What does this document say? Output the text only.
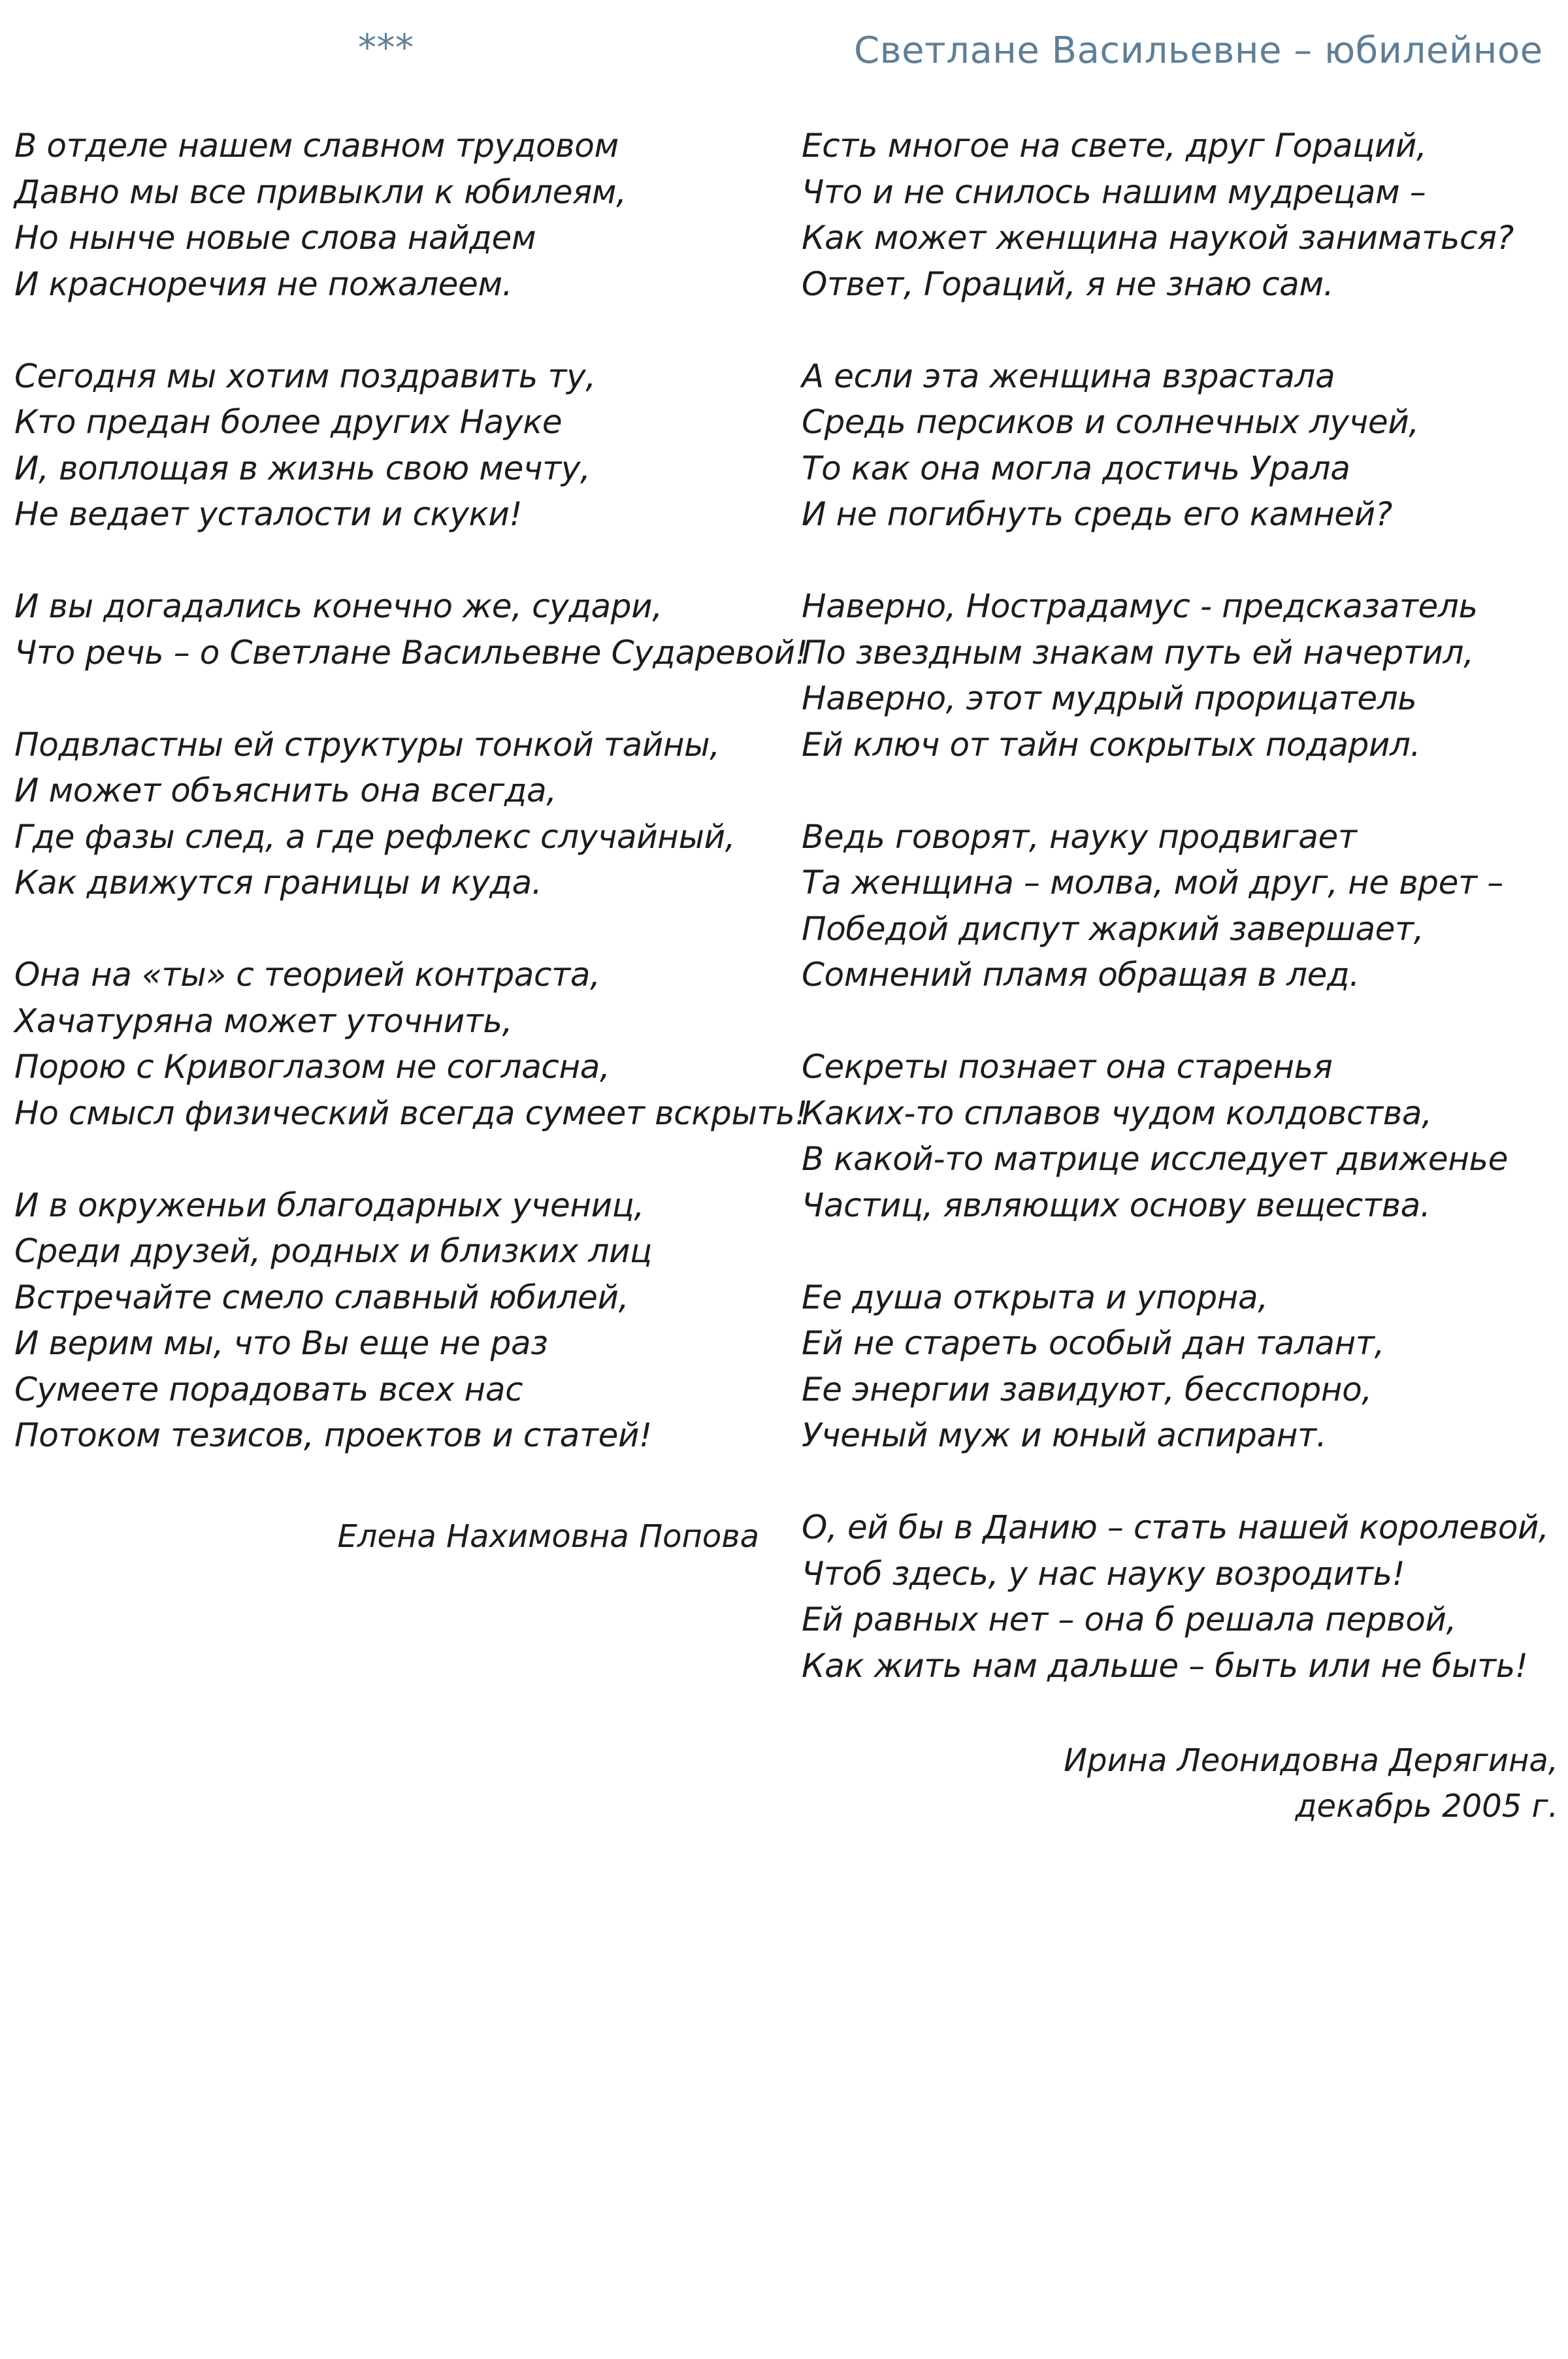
***
В отделе нашем славном трудовом
Давно мы все привыкли к юбилеям,
Но нынче новые слова найдем
И красноречия не пожалеем.
Сегодня мы хотим поздравить ту,
Кто предан более других Науке
И, воплощая в жизнь свою мечту,
Не ведает усталости и скуки!
И вы догадались конечно же, судари,
Что речь – о Светлане Васильевне Сударевой!
Подвластны ей структуры тонкой тайны,
И может объяснить она всегда,
Где фазы след, а где рефлекс случайный,
Как движутся границы и куда.
Она на «ты» с теорией контраста,
Хачатуряна может уточнить,
Порою с Кривоглазом не согласна,
Но смысл физический всегда сумеет вскрыть!
И в окруженьи благодарных учениц,
Среди друзей, родных и близких лиц
Встречайте смело славный юбилей,
И верим мы, что Вы еще не раз
Сумеете порадовать всех нас
Потоком тезисов, проектов и статей!
Елена Нахимовна Попова
Светлане Васильевне – юбилейное
Есть многое на свете, друг Гораций,
Что и не снилось нашим мудрецам –
Как может женщина наукой заниматься?
Ответ, Гораций, я не знаю сам.
А если эта женщина взрастала
Средь персиков и солнечных лучей,
То как она могла достичь Урала
И не погибнуть средь его камней?
Наверно, Нострадамус - предсказатель
По звездным знакам путь ей начертил,
Наверно, этот мудрый прорицатель
Ей ключ от тайн сокрытых подарил.
Ведь говорят, науку продвигает
Та женщина – молва, мой друг, не врет –
Победой диспут жаркий завершает,
Сомнений пламя обращая в лед.
Секреты познает она старенья
Каких-то сплавов чудом колдовства,
В какой-то матрице исследует движенье
Частиц, являющих основу вещества.
Ее душа открыта и упорна,
Ей не стареть особый дан талант,
Ее энергии завидуют, бесспорно,
Ученый муж и юный аспирант.
О, ей бы в Данию – стать нашей королевой,
Чтоб здесь, у нас науку возродить!
Ей равных нет – она б решала первой,
Как жить нам дальше – быть или не быть!
Ирина Леонидовна Дерягина,
декабрь 2005 г.
